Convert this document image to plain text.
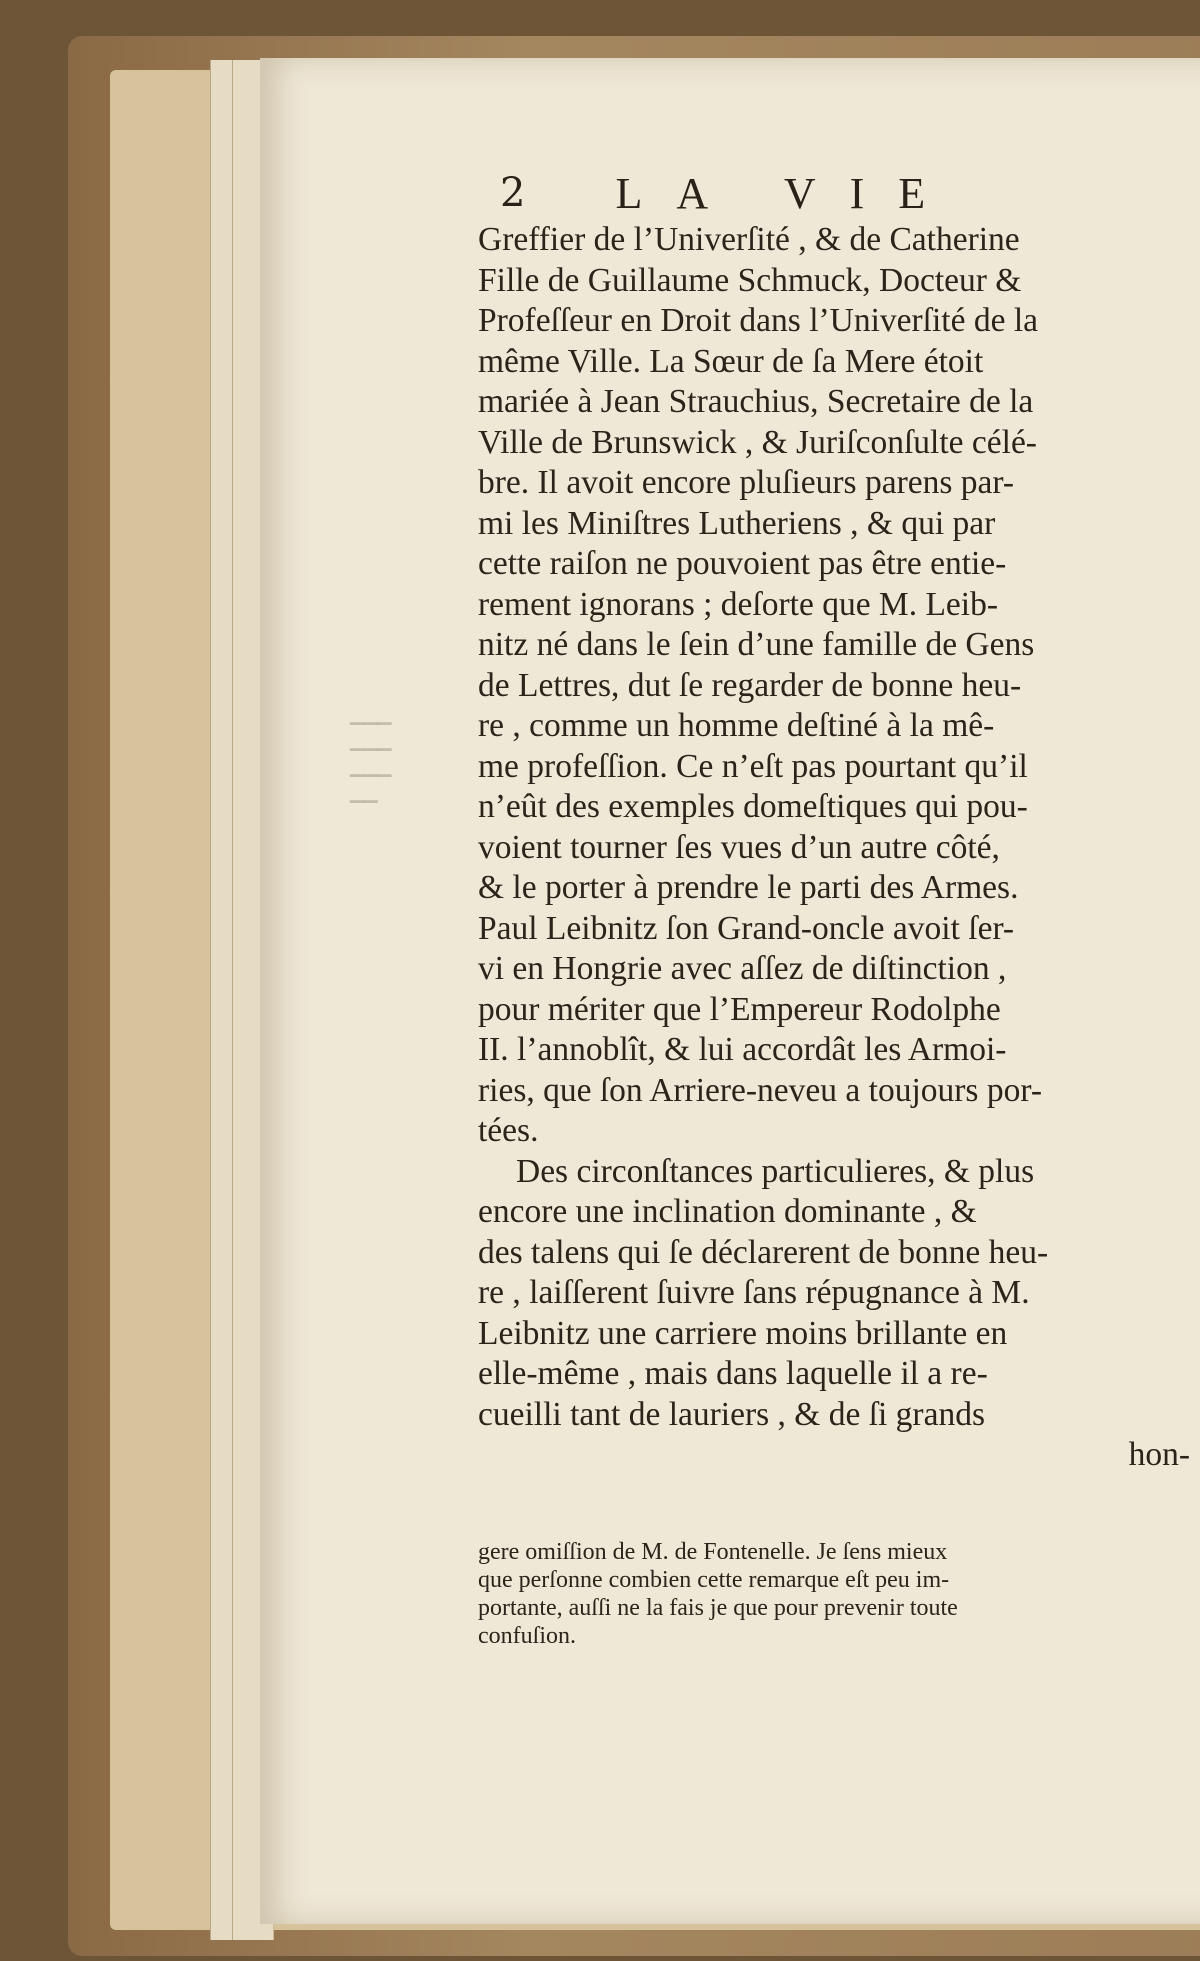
▔▔▔
▔▔▔
▔▔▔
▔▔
2 LA VIE
Greffier de l’Univerſité , & de Catherine
Fille de Guillaume Schmuck, Docteur &
Profeſſeur en Droit dans l’Univerſité de la
même Ville. La Sœur de ſa Mere étoit
mariée à Jean Strauchius, Secretaire de la
Ville de Brunswick , & Juriſconſulte célé-
bre. Il avoit encore pluſieurs parens par-
mi les Miniſtres Lutheriens , & qui par
cette raiſon ne pouvoient pas être entie-
rement ignorans ; deſorte que M. Leib-
nitz né dans le ſein d’une famille de Gens
de Lettres, dut ſe regarder de bonne heu-
re , comme un homme deſtiné à la mê-
me profeſſion. Ce n’eſt pas pourtant qu’il
n’eût des exemples domeſtiques qui pou-
voient tourner ſes vues d’un autre côté,
& le porter à prendre le parti des Armes.
Paul Leibnitz ſon Grand-oncle avoit ſer-
vi en Hongrie avec aſſez de diſtinction ,
pour mériter que l’Empereur Rodolphe
II. l’annoblît, & lui accordât les Armoi-
ries, que ſon Arriere-neveu a toujours por-
tées.
Des circonſtances particulieres, & plus
encore une inclination dominante , &
des talens qui ſe déclarerent de bonne heu-
re , laiſſerent ſuivre ſans répugnance à M.
Leibnitz une carriere moins brillante en
elle-même , mais dans laquelle il a re-
cueilli tant de lauriers , & de ſi grands
hon-
gere omiſſion de M. de Fontenelle. Je ſens mieux
que perſonne combien cette remarque eſt peu im-
portante, auſſi ne la fais je que pour prevenir toute
confuſion.
